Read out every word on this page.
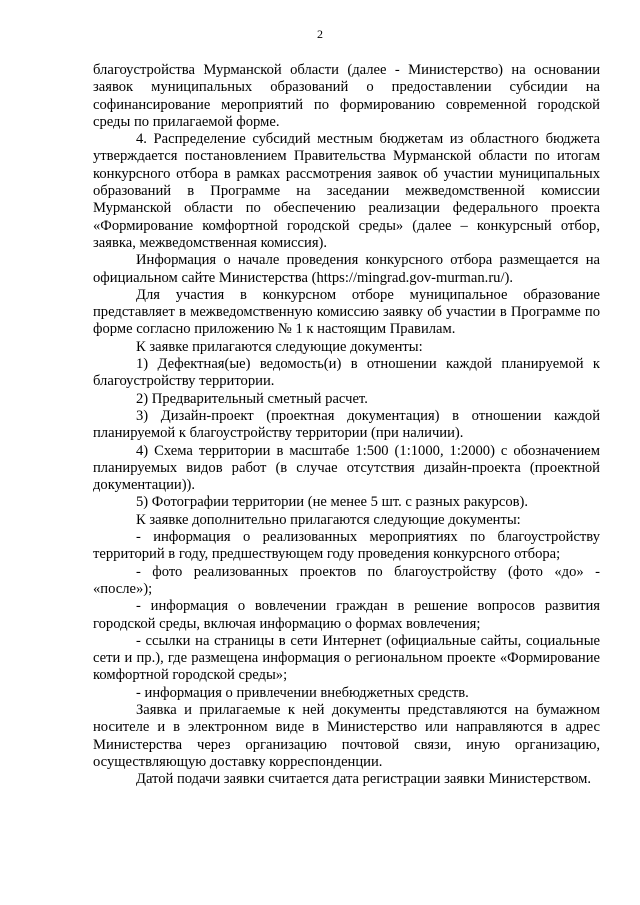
2

благоустройства Мурманской области (далее - Министерство) на основании заявок муниципальных образований о предоставлении субсидии на софинансирование мероприятий по формированию современной городской среды по прилагаемой форме.

4. Распределение субсидий местным бюджетам из областного бюджета утверждается постановлением Правительства Мурманской области по итогам конкурсного отбора в рамках рассмотрения заявок об участии муниципальных образований в Программе на заседании межведомственной комиссии Мурманской области по обеспечению реализации федерального проекта «Формирование комфортной городской среды» (далее – конкурсный отбор, заявка, межведомственная комиссия).

Информация о начале проведения конкурсного отбора размещается на официальном сайте Министерства (https://mingrad.gov-murman.ru/).

Для участия в конкурсном отборе муниципальное образование представляет в межведомственную комиссию заявку об участии в Программе по форме согласно приложению № 1 к настоящим Правилам.

К заявке прилагаются следующие документы:

1) Дефектная(ые) ведомость(и) в отношении каждой планируемой к благоустройству территории.

2) Предварительный сметный расчет.

3) Дизайн-проект (проектная документация) в отношении каждой планируемой к благоустройству территории (при наличии).

4) Схема территории в масштабе 1:500 (1:1000, 1:2000) с обозначением планируемых видов работ (в случае отсутствия дизайн-проекта (проектной документации)).

5) Фотографии территории (не менее 5 шт. с разных ракурсов).

К заявке дополнительно прилагаются следующие документы:

- информация о реализованных мероприятиях по благоустройству территорий в году, предшествующем году проведения конкурсного отбора;

- фото реализованных проектов по благоустройству (фото «до» - «после»);

- информация о вовлечении граждан в решение вопросов развития городской среды, включая информацию о формах вовлечения;

- ссылки на страницы в сети Интернет (официальные сайты, социальные сети и пр.), где размещена информация о региональном проекте «Формирование комфортной городской среды»;

- информация о привлечении внебюджетных средств.

Заявка и прилагаемые к ней документы представляются на бумажном носителе и в электронном виде в Министерство или направляются в адрес Министерства через организацию почтовой связи, иную организацию, осуществляющую доставку корреспонденции.

Датой подачи заявки считается дата регистрации заявки Министерством.
